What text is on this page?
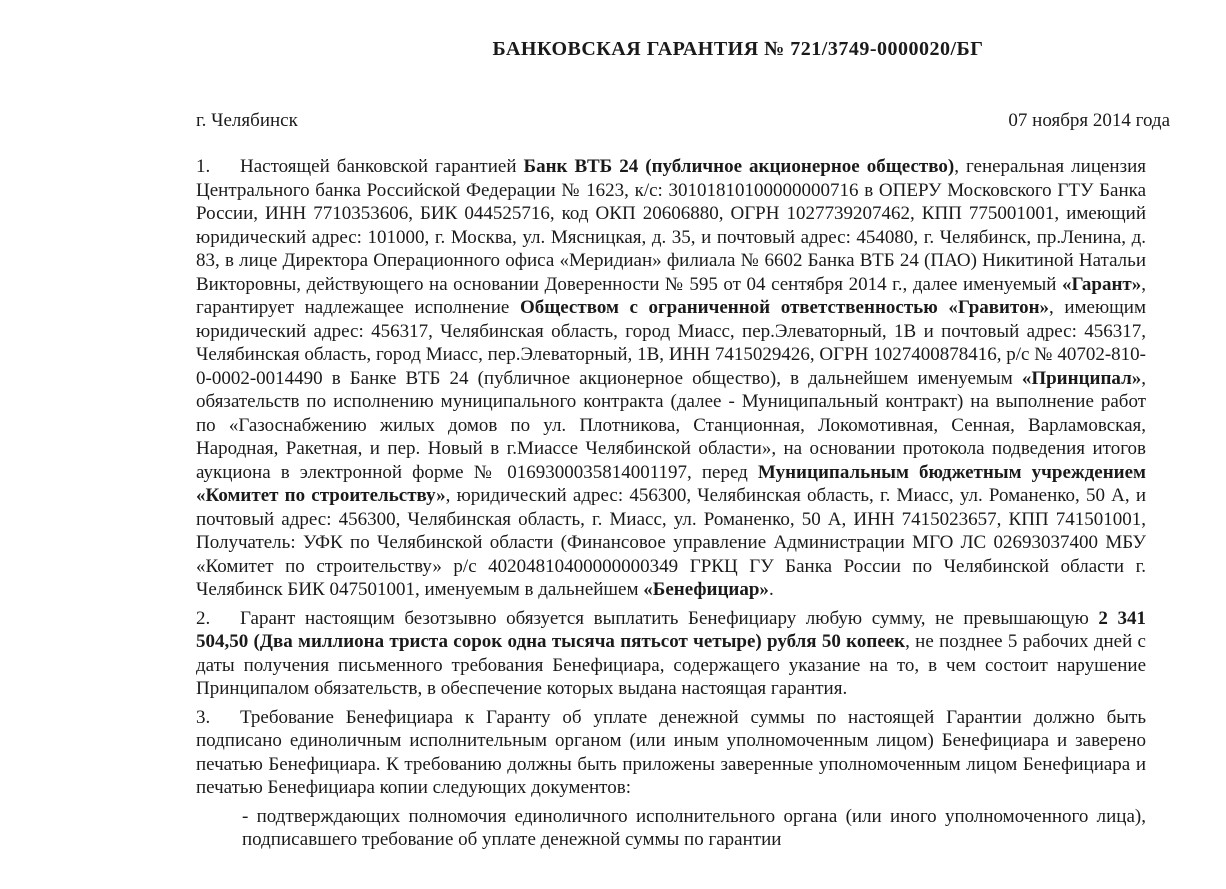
БАНКОВСКАЯ ГАРАНТИЯ № 721/3749-0000020/БГ
г. Челябинск	07 ноября 2014 года

1. Настоящей банковской гарантией Банк ВТБ 24 (публичное акционерное общество), генеральная лицензия Центрального банка Российской Федерации № 1623, к/с: 30101810100000000716 в ОПЕРУ Московского ГТУ Банка России, ИНН 7710353606, БИК 044525716, код ОКП 20606880, ОГРН 1027739207462, КПП 775001001, имеющий юридический адрес: 101000, г. Москва, ул. Мясницкая, д. 35, и почтовый адрес: 454080, г. Челябинск, пр.Ленина, д. 83, в лице Директора Операционного офиса «Меридиан» филиала № 6602 Банка ВТБ 24 (ПАО) Никитиной Натальи Викторовны, действующего на основании Доверенности № 595 от 04 сентября 2014 г., далее именуемый «Гарант», гарантирует надлежащее исполнение Обществом с ограниченной ответственностью «Гравитон», имеющим юридический адрес: 456317, Челябинская область, город Миасс, пер.Элеваторный, 1В и почтовый адрес: 456317, Челябинская область, город Миасс, пер.Элеваторный, 1В, ИНН 7415029426, ОГРН 1027400878416, р/с № 40702-810-0-0002-0014490 в Банке ВТБ 24 (публичное акционерное общество), в дальнейшем именуемым «Принципал», обязательств по исполнению муниципального контракта (далее - Муниципальный контракт) на выполнение работ по «Газоснабжению жилых домов по ул. Плотникова, Станционная, Локомотивная, Сенная, Варламовская, Народная, Ракетная, и пер. Новый в г.Миассе Челябинской области», на основании протокола подведения итогов аукциона в электронной форме № 0169300035814001197, перед Муниципальным бюджетным учреждением «Комитет по строительству», юридический адрес: 456300, Челябинская область, г. Миасс, ул. Романенко, 50 А, и почтовый адрес: 456300, Челябинская область, г. Миасс, ул. Романенко, 50 А, ИНН 7415023657, КПП 741501001, Получатель: УФК по Челябинской области (Финансовое управление Администрации МГО ЛС 02693037400 МБУ «Комитет по строительству» р/с 40204810400000000349 ГРКЦ ГУ Банка России по Челябинской области г. Челябинск БИК 047501001, именуемым в дальнейшем «Бенефициар».

2. Гарант настоящим безотзывно обязуется выплатить Бенефициару любую сумму, не превышающую 2 341 504,50 (Два миллиона триста сорок одна тысяча пятьсот четыре) рубля 50 копеек, не позднее 5 рабочих дней с даты получения письменного требования Бенефициара, содержащего указание на то, в чем состоит нарушение Принципалом обязательств, в обеспечение которых выдана настоящая гарантия.

3. Требование Бенефициара к Гаранту об уплате денежной суммы по настоящей Гарантии должно быть подписано единоличным исполнительным органом (или иным уполномоченным лицом) Бенефициара и заверено печатью Бенефициара. К требованию должны быть приложены заверенные уполномоченным лицом Бенефициара и печатью Бенефициара копии следующих документов:

- подтверждающих полномочия единоличного исполнительного органа (или иного уполномоченного лица), подписавшего требование об уплате денежной суммы по гарантии
